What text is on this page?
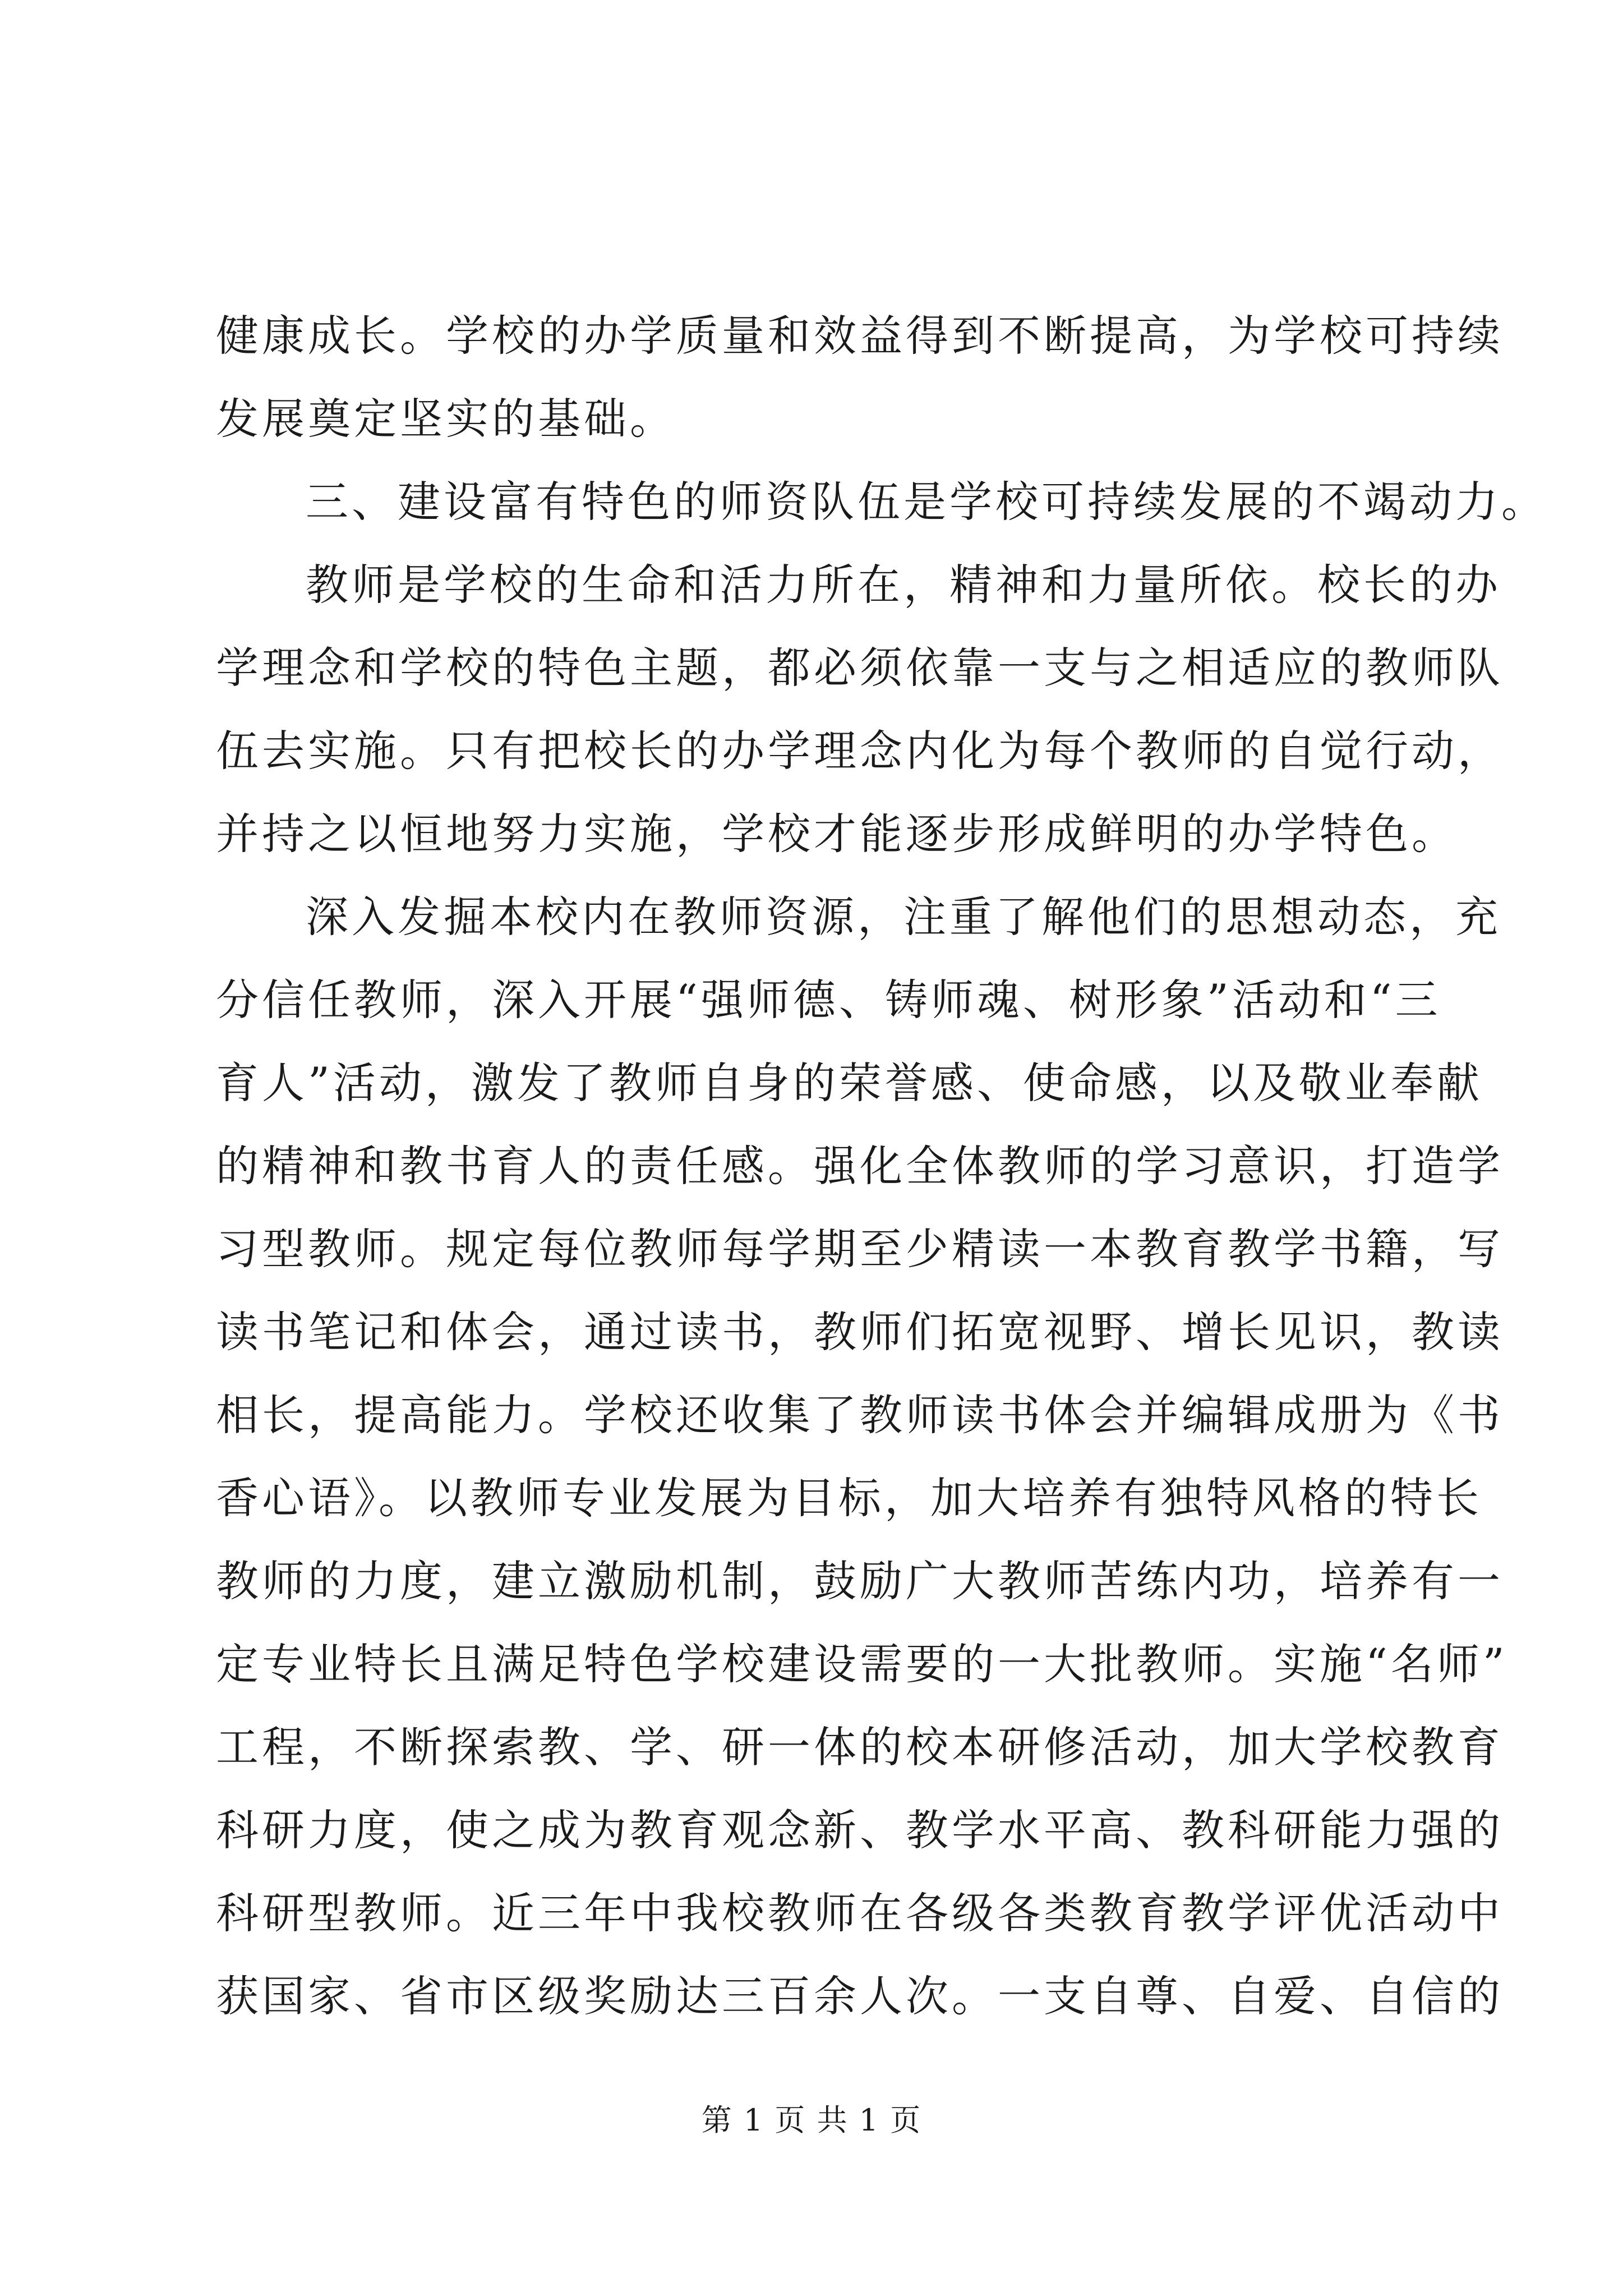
健康成长。学校的办学质量和效益得到不断提高，为学校可持续
发展奠定坚实的基础。
三、建设富有特色的师资队伍是学校可持续发展的不竭动力。
教师是学校的生命和活力所在，精神和力量所依。校长的办
学理念和学校的特色主题，都必须依靠一支与之相适应的教师队
伍去实施。只有把校长的办学理念内化为每个教师的自觉行动，
并持之以恒地努力实施，学校才能逐步形成鲜明的办学特色。
深入发掘本校内在教师资源，注重了解他们的思想动态，充
分信任教师，深入开展“强师德、铸师魂、树形象”活动和“三
育人”活动，激发了教师自身的荣誉感、使命感，以及敬业奉献
的精神和教书育人的责任感。强化全体教师的学习意识，打造学
习型教师。规定每位教师每学期至少精读一本教育教学书籍，写
读书笔记和体会，通过读书，教师们拓宽视野、增长见识，教读
相长，提高能力。学校还收集了教师读书体会并编辑成册为《书
香心语》。以教师专业发展为目标，加大培养有独特风格的特长
教师的力度，建立激励机制，鼓励广大教师苦练内功，培养有一
定专业特长且满足特色学校建设需要的一大批教师。实施“名师”
工程，不断探索教、学、研一体的校本研修活动，加大学校教育
科研力度，使之成为教育观念新、教学水平高、教科研能力强的
科研型教师。近三年中我校教师在各级各类教育教学评优活动中
获国家、省市区级奖励达三百余人次。一支自尊、自爱、自信的
第 1 页 共 1 页
